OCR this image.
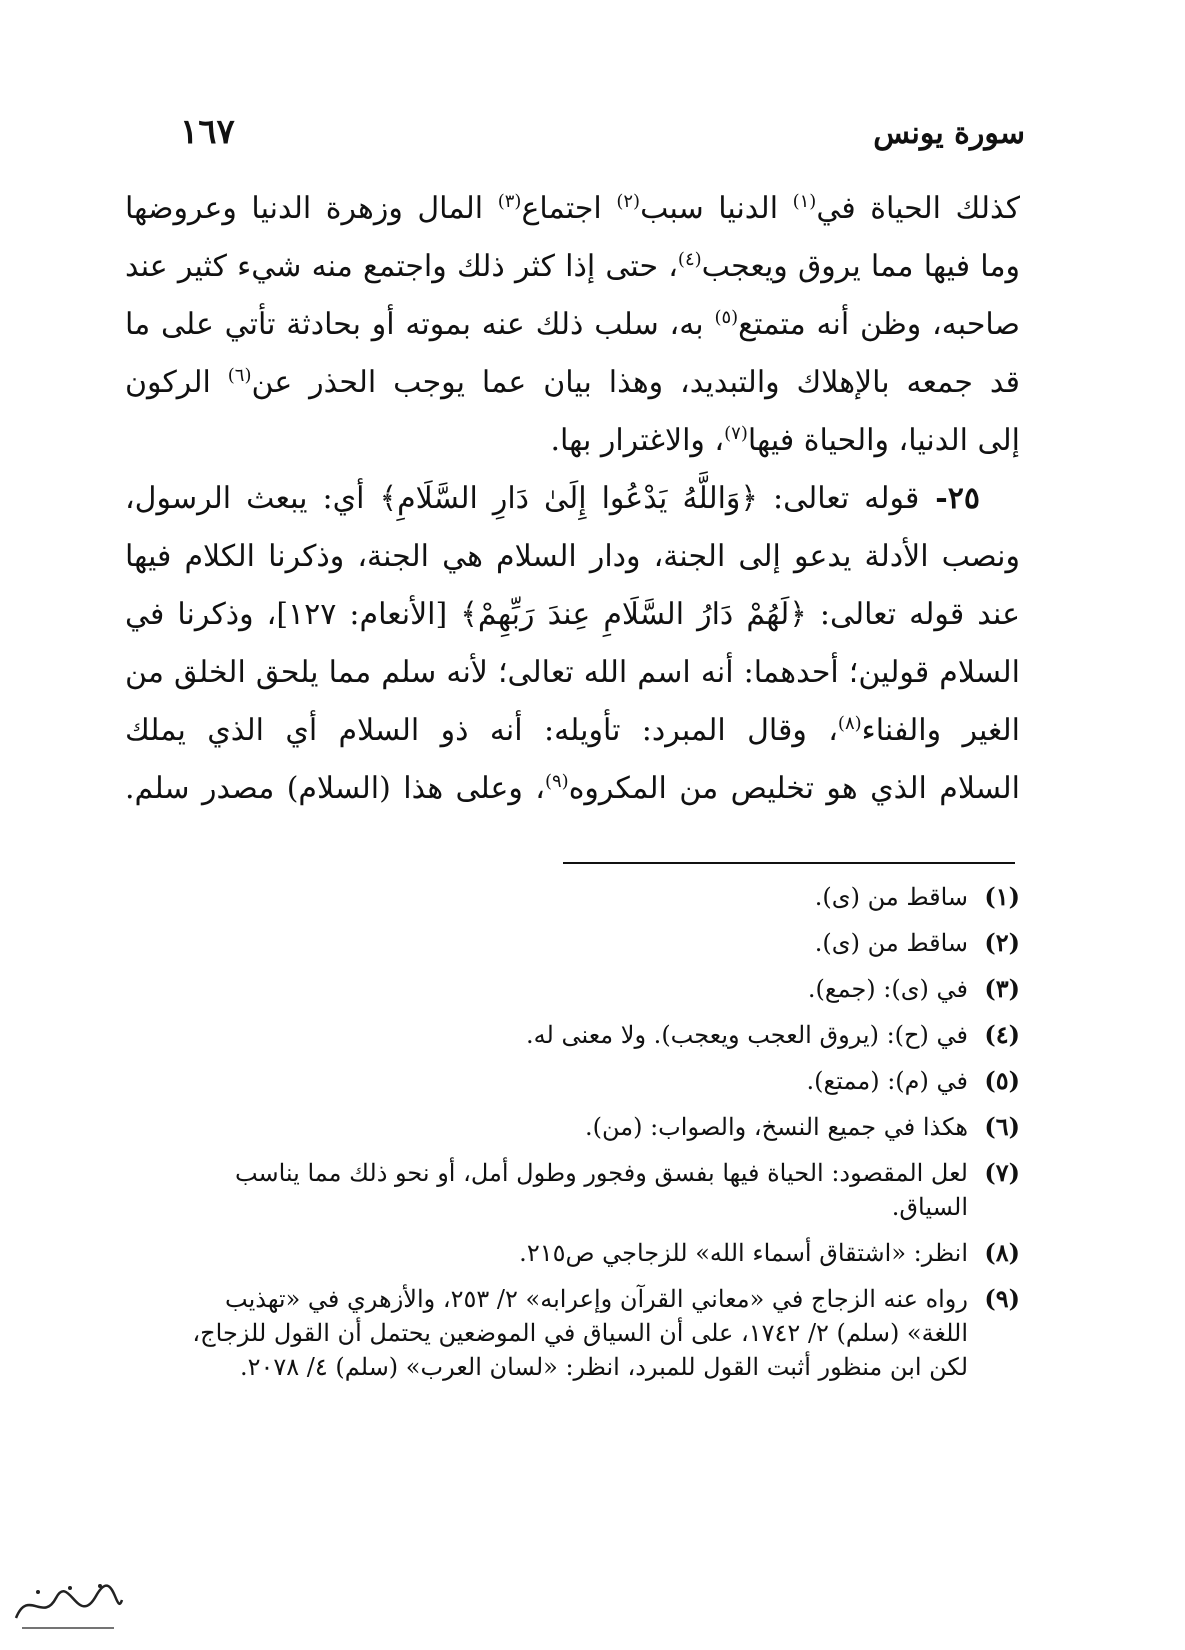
سورة يونس
١٦٧
كذلك الحياة في$^{(١)}$ الدنيا سبب$^{(٢)}$ اجتماع$^{(٣)}$ المال وزهرة الدنيا وعروضها
وما فيها مما يروق ويعجب$^{(٤)}$، حتى إذا كثر ذلك واجتمع منه شيء كثير عند
صاحبه، وظن أنه متمتع$^{(٥)}$ به، سلب ذلك عنه بموته أو بحادثة تأتي على ما
قد جمعه بالإهلاك والتبديد، وهذا بيان عما يوجب الحذر عن$^{(٦)}$ الركون
إلى الدنيا، والحياة فيها$^{(٧)}$، والاغترار بها.
٢٥- قوله تعالى: ﴿وَاللَّهُ يَدْعُوا إِلَىٰ دَارِ السَّلَامِ﴾ أي: يبعث الرسول،
ونصب الأدلة يدعو إلى الجنة، ودار السلام هي الجنة، وذكرنا الكلام فيها
عند قوله تعالى: ﴿لَهُمْ دَارُ السَّلَامِ عِندَ رَبِّهِمْ﴾ [الأنعام: ١٢٧]، وذكرنا في
السلام قولين؛ أحدهما: أنه اسم الله تعالى؛ لأنه سلم مما يلحق الخلق من
الغير والفناء$^{(٨)}$، وقال المبرد: تأويله: أنه ذو السلام أي الذي يملك
السلام الذي هو تخليص من المكروه$^{(٩)}$، وعلى هذا (السلام) مصدر سلم.
(١)
ساقط من (ى).
(٢)
ساقط من (ى).
(٣)
في (ى): (جمع).
(٤)
في (ح): (يروق العجب ويعجب). ولا معنى له.
(٥)
في (م): (ممتع).
(٦)
هكذا في جميع النسخ، والصواب: (من).
(٧)
لعل المقصود: الحياة فيها بفسق وفجور وطول أمل، أو نحو ذلك مما يناسب
السياق.
(٨)
انظر: «اشتقاق أسماء الله» للزجاجي ص٢١٥.
(٩)
رواه عنه الزجاج في «معاني القرآن وإعرابه» ٢/ ٢٥٣، والأزهري في «تهذيب
اللغة» (سلم) ٢/ ١٧٤٢، على أن السياق في الموضعين يحتمل أن القول للزجاج،
لكن ابن منظور أثبت القول للمبرد، انظر: «لسان العرب» (سلم) ٤/ ٢٠٧٨.
